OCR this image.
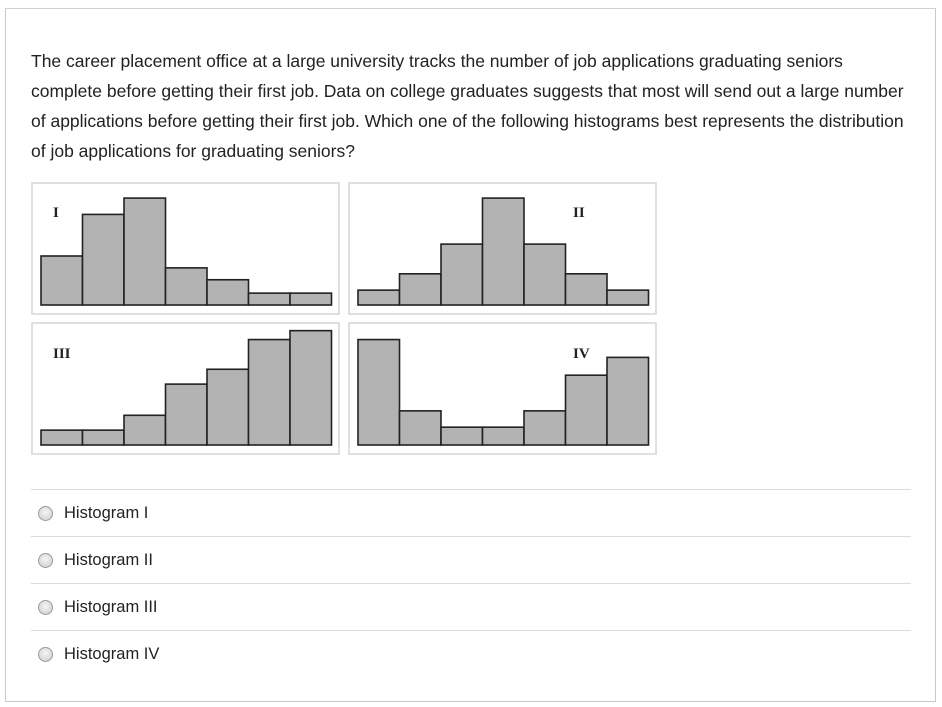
The career placement office at a large university tracks the number of job applications graduating seniors complete before getting their first job. Data on college graduates suggests that most will send out a large number of applications before getting their first job. Which one of the following histograms best represents the distribution of job applications for graduating seniors?

I	II
III	IV
Histogram I
Histogram II
Histogram III
Histogram IV
